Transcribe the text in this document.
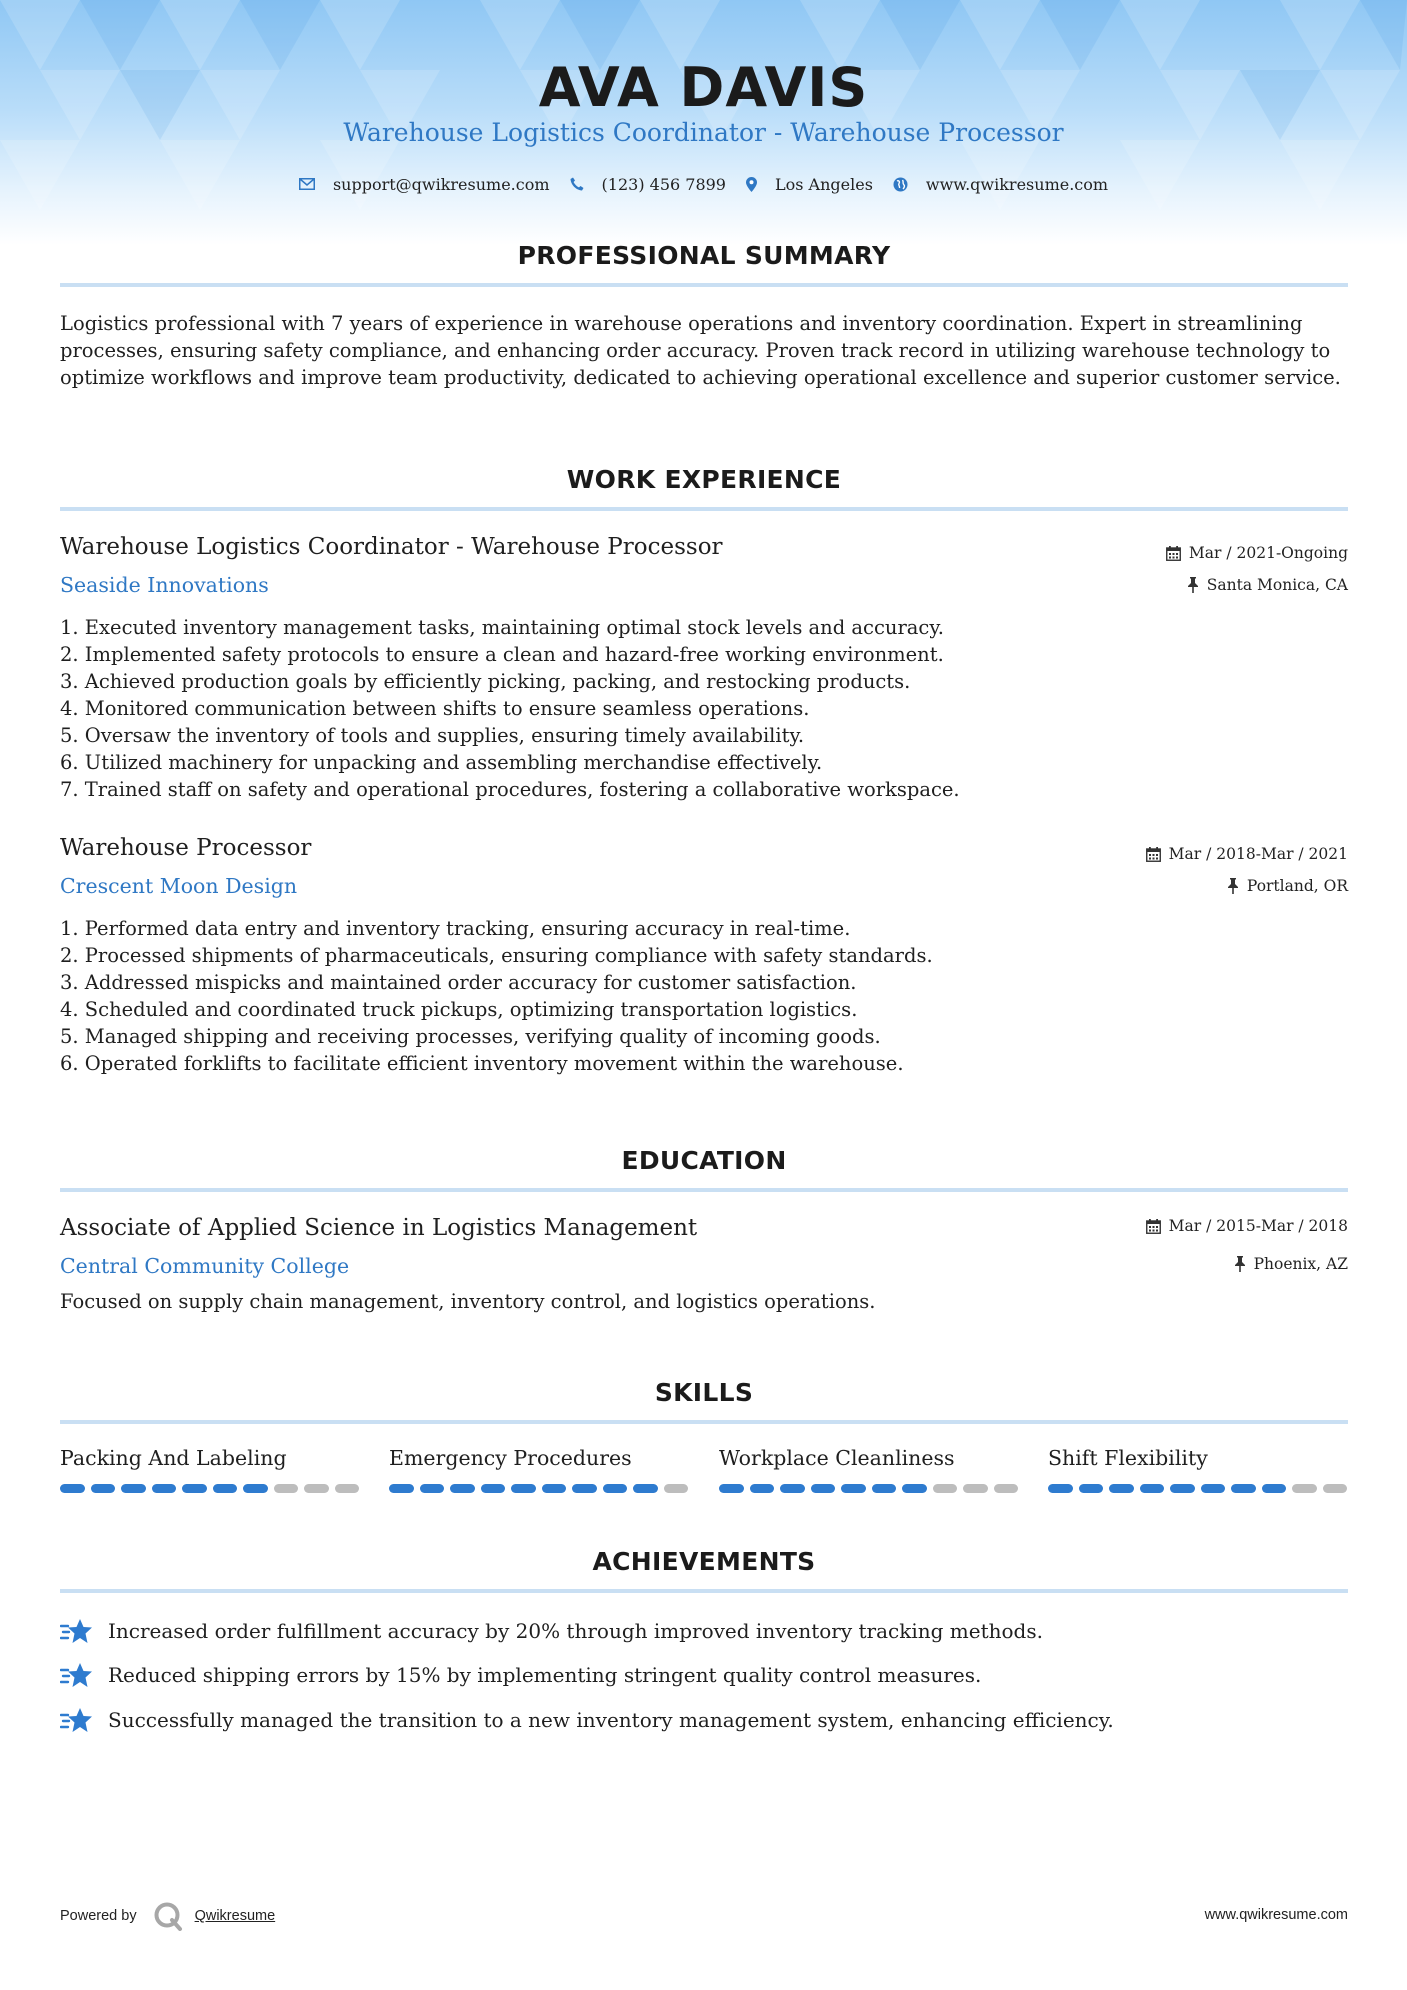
AVA DAVIS
Warehouse Logistics Coordinator - Warehouse Processor
support@qwikresume.com	(123) 456 7899	Los Angeles	www.qwikresume.com
PROFESSIONAL SUMMARY
Logistics professional with 7 years of experience in warehouse operations and inventory coordination. Expert in streamlining processes, ensuring safety compliance, and enhancing order accuracy. Proven track record in utilizing warehouse technology to optimize workflows and improve team productivity, dedicated to achieving operational excellence and superior customer service.
WORK EXPERIENCE
Warehouse Logistics Coordinator - Warehouse Processor
Seaside Innovations
Mar / 2021-Ongoing
Santa Monica, CA
1. Executed inventory management tasks, maintaining optimal stock levels and accuracy.
2. Implemented safety protocols to ensure a clean and hazard-free working environment.
3. Achieved production goals by efficiently picking, packing, and restocking products.
4. Monitored communication between shifts to ensure seamless operations.
5. Oversaw the inventory of tools and supplies, ensuring timely availability.
6. Utilized machinery for unpacking and assembling merchandise effectively.
7. Trained staff on safety and operational procedures, fostering a collaborative workspace.
Warehouse Processor
Crescent Moon Design
Mar / 2018-Mar / 2021
Portland, OR
1. Performed data entry and inventory tracking, ensuring accuracy in real-time.
2. Processed shipments of pharmaceuticals, ensuring compliance with safety standards.
3. Addressed mispicks and maintained order accuracy for customer satisfaction.
4. Scheduled and coordinated truck pickups, optimizing transportation logistics.
5. Managed shipping and receiving processes, verifying quality of incoming goods.
6. Operated forklifts to facilitate efficient inventory movement within the warehouse.
EDUCATION
Associate of Applied Science in Logistics Management
Central Community College
Mar / 2015-Mar / 2018
Phoenix, AZ
Focused on supply chain management, inventory control, and logistics operations.
SKILLS
Packing And Labeling	Emergency Procedures	Workplace Cleanliness	Shift Flexibility
ACHIEVEMENTS
Increased order fulfillment accuracy by 20% through improved inventory tracking methods.
Reduced shipping errors by 15% by implementing stringent quality control measures.
Successfully managed the transition to a new inventory management system, enhancing efficiency.
Powered by	Qwikresume	www.qwikresume.com
